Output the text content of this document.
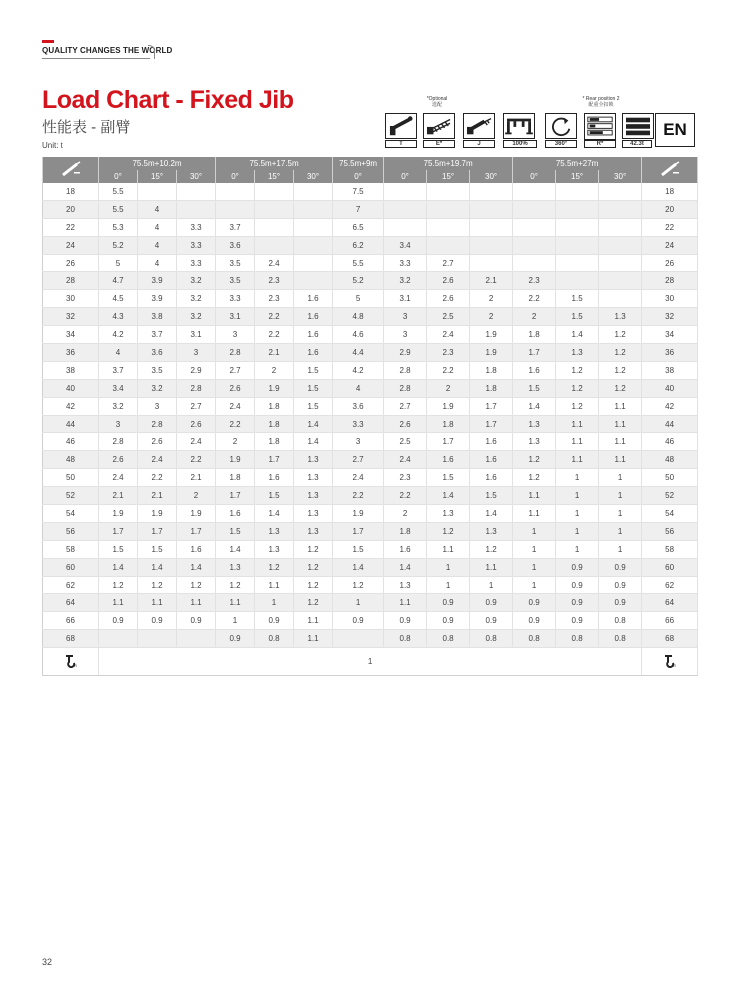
QUALITY CHANGES THE WORLD
Load Chart - Fixed Jib
性能表 - 副臂
Unit: t
*Optional
选配
* Rear position 2
配重全扣锁
T	E*	J	100%	360°	R*	42.3t
EN
	75.5m+10.2m			75.5m+17.5m			75.5m+9m	75.5m+19.7m			75.5m+27m	
	0°	15°	30°	0°	15°	30°	0°	0°	15°	30°	0°	15°	30°	
18	5.5						7.5							18
20	5.5	4					7							20
22	5.3	4	3.3	3.7			6.5							22
24	5.2	4	3.3	3.6			6.2	3.4						24
26	5	4	3.3	3.5	2.4		5.5	3.3	2.7					26
28	4.7	3.9	3.2	3.5	2.3		5.2	3.2	2.6	2.1	2.3			28
30	4.5	3.9	3.2	3.3	2.3	1.6	5	3.1	2.6	2	2.2	1.5		30
32	4.3	3.8	3.2	3.1	2.2	1.6	4.8	3	2.5	2	2	1.5	1.3	32
34	4.2	3.7	3.1	3	2.2	1.6	4.6	3	2.4	1.9	1.8	1.4	1.2	34
36	4	3.6	3	2.8	2.1	1.6	4.4	2.9	2.3	1.9	1.7	1.3	1.2	36
38	3.7	3.5	2.9	2.7	2	1.5	4.2	2.8	2.2	1.8	1.6	1.2	1.2	38
40	3.4	3.2	2.8	2.6	1.9	1.5	4	2.8	2	1.8	1.5	1.2	1.2	40
42	3.2	3	2.7	2.4	1.8	1.5	3.6	2.7	1.9	1.7	1.4	1.2	1.1	42
44	3	2.8	2.6	2.2	1.8	1.4	3.3	2.6	1.8	1.7	1.3	1.1	1.1	44
46	2.8	2.6	2.4	2	1.8	1.4	3	2.5	1.7	1.6	1.3	1.1	1.1	46
48	2.6	2.4	2.2	1.9	1.7	1.3	2.7	2.4	1.6	1.6	1.2	1.1	1.1	48
50	2.4	2.2	2.1	1.8	1.6	1.3	2.4	2.3	1.5	1.6	1.2	1	1	50
52	2.1	2.1	2	1.7	1.5	1.3	2.2	2.2	1.4	1.5	1.1	1	1	52
54	1.9	1.9	1.9	1.6	1.4	1.3	1.9	2	1.3	1.4	1.1	1	1	54
56	1.7	1.7	1.7	1.5	1.3	1.3	1.7	1.8	1.2	1.3	1	1	1	56
58	1.5	1.5	1.6	1.4	1.3	1.2	1.5	1.6	1.1	1.2	1	1	1	58
60	1.4	1.4	1.4	1.3	1.2	1.2	1.4	1.4	1	1.1	1	0.9	0.9	60
62	1.2	1.2	1.2	1.2	1.1	1.2	1.2	1.3	1	1	1	0.9	0.9	62
64	1.1	1.1	1.1	1.1	1	1.2	1	1.1	0.9	0.9	0.9	0.9	0.9	64
66	0.9	0.9	0.9	1	0.9	1.1	0.9	0.9	0.9	0.9	0.9	0.9	0.8	66
68				0.9	0.8	1.1		0.8	0.8	0.8	0.8	0.8	0.8	68

R	1													R
32
